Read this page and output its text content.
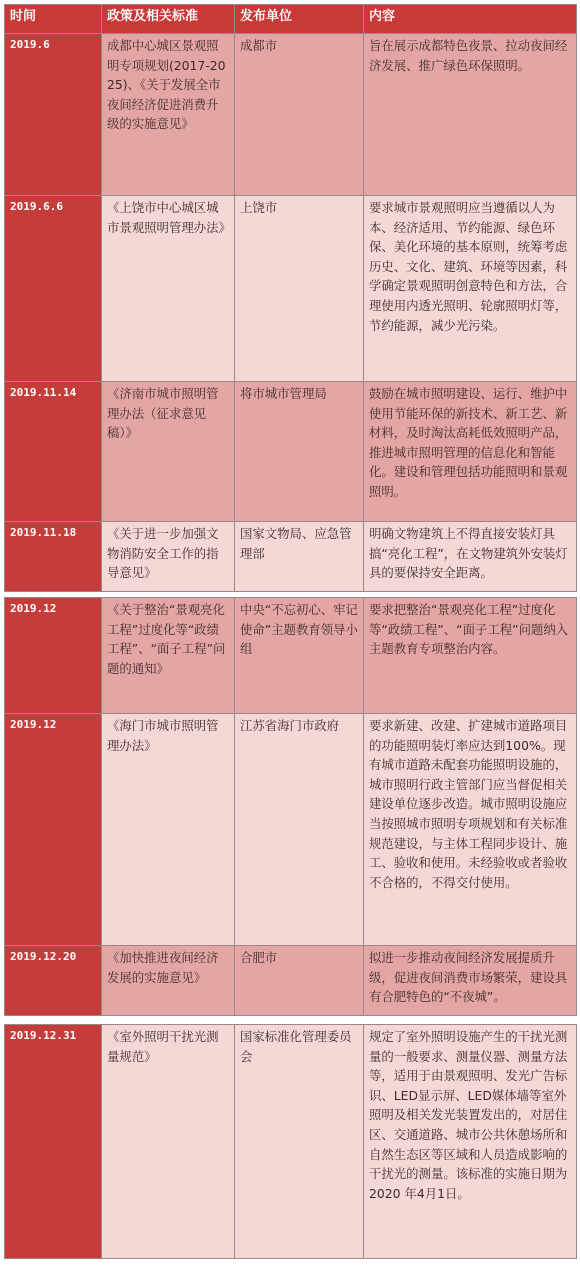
时间	政策及相关标准	发布单位	内容
2019.6	成都中心城区景观照明专项规划(2017-2025)、《关于发展全市夜间经济促进消费升级的实施意见》	成都市	旨在展示成都特色夜景、拉动夜间经济发展、推广绿色环保照明。
2019.6.6	《上饶市中心城区城市景观照明管理办法》	上饶市	要求城市景观照明应当遵循以人为本、经济适用、节约能源、绿色环保、美化环境的基本原则，统筹考虑历史、文化、建筑、环境等因素，科学确定景观照明创意特色和方法，合理使用内透光照明、轮廓照明灯等，节约能源，减少光污染。
2019.11.14	《济南市城市照明管理办法（征求意见稿）》	将市城市管理局	鼓励在城市照明建设、运行、维护中使用节能环保的新技术、新工艺、新材料，及时淘汰高耗低效照明产品，推进城市照明管理的信息化和智能化。建设和管理包括功能照明和景观照明。
2019.11.18	《关于进一步加强文物消防安全工作的指导意见》	国家文物局、应急管理部	明确文物建筑上不得直接安装灯具搞“亮化工程”，在文物建筑外安装灯具的要保持安全距离。
2019.12	《关于整治“景观亮化工程”过度化等“政绩工程”、“面子工程”问题的通知》	中央“不忘初心、牢记使命”主题教育领导小组	要求把整治“景观亮化工程”过度化等“政绩工程”、“面子工程”问题纳入主题教育专项整治内容。
2019.12	《海门市城市照明管理办法》	江苏省海门市政府	要求新建、改建、扩建城市道路项目的功能照明装灯率应达到100%。现有城市道路未配套功能照明设施的，城市照明行政主管部门应当督促相关建设单位逐步改造。城市照明设施应当按照城市照明专项规划和有关标准规范建设，与主体工程同步设计、施工、验收和使用。未经验收或者验收不合格的，不得交付使用。
2019.12.20	《加快推进夜间经济发展的实施意见》	合肥市	拟进一步推动夜间经济发展提质升级，促进夜间消费市场繁荣，建设具有合肥特色的“不夜城”。
2019.12.31	《室外照明干扰光测量规范》	国家标准化管理委员会	规定了室外照明设施产生的干扰光测量的一般要求、测量仪器、测量方法等，适用于由景观照明、发光广告标识、LED显示屏、LED媒体墙等室外照明及相关发光装置发出的，对居住区、交通道路、城市公共休憩场所和自然生态区等区域和人员造成影响的干扰光的测量。该标准的实施日期为 2020 年4月1日。
